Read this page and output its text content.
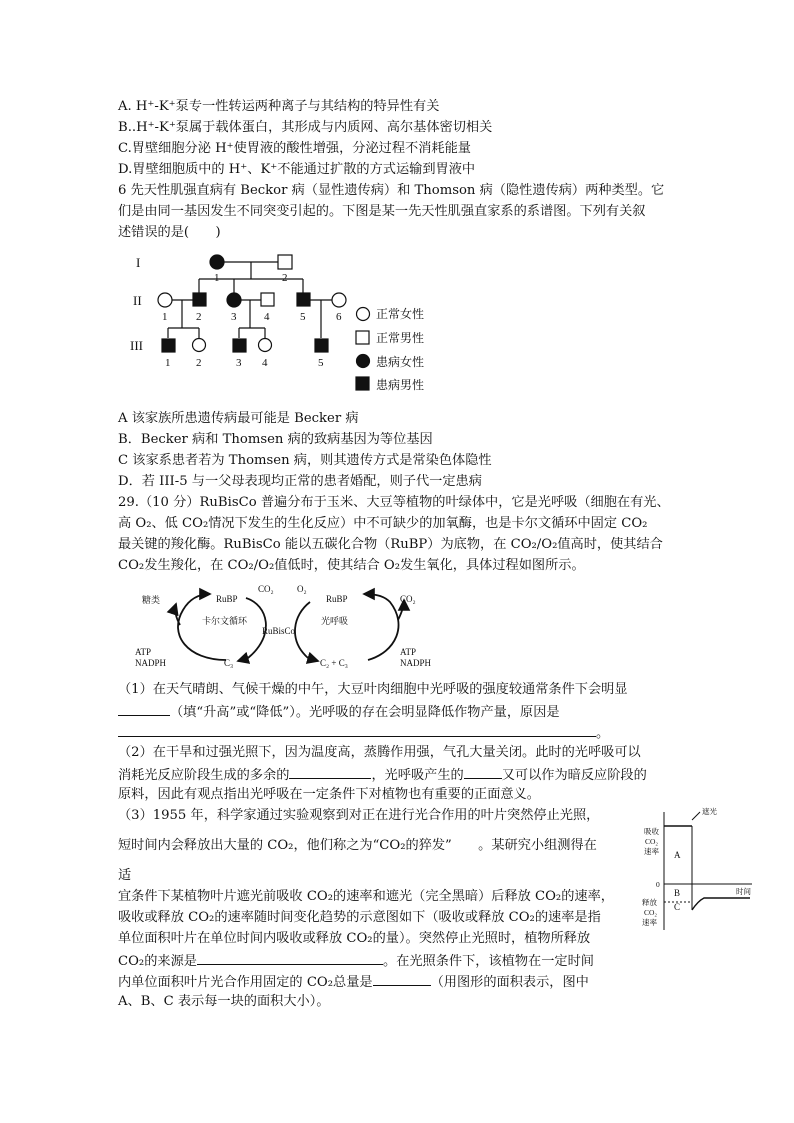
A. H⁺-K⁺泵专一性转运两种离子与其结构的特异性有关
B..H⁺-K⁺泵属于载体蛋白，其形成与内质网、高尔基体密切相关
C.胃壁细胞分泌 H⁺使胃液的酸性增强，分泌过程不消耗能量
D.胃壁细胞质中的 H⁺、K⁺不能通过扩散的方式运输到胃液中
6 先天性肌强直病有 Beckor 病（显性遗传病）和 Thomson 病（隐性遗传病）两种类型。它
们是由同一基因发生不同突变引起的。下图是某一先天性肌强直家系的系谱图。下列有关叙
述错误的是(　　)
I
II
III
1	2
1	2	3	4	5	6
1 2	3 4	5
正常女性
正常男性
患病女性
患病男性
A 该家族所患遗传病最可能是 Becker 病
B．Becker 病和 Thomsen 病的致病基因为等位基因
C 该家系患者若为 Thomsen 病，则其遗传方式是常染色体隐性
D．若 III-5 与一父母表现均正常的患者婚配，则子代一定患病
29.（10 分）RuBisCo 普遍分布于玉米、大豆等植物的叶绿体中，它是光呼吸（细胞在有光、
高 O₂、低 CO₂情况下发生的生化反应）中不可缺少的加氧酶，也是卡尔文循环中固定 CO₂
最关键的羧化酶。RuBisCo 能以五碳化合物（RuBP）为底物，在 CO₂/O₂值高时，使其结合
CO₂发生羧化，在 CO₂/O₂值低时，使其结合 O₂发生氧化，具体过程如图所示。
糖类	RuBP
CO₂	O₂
RuBP	CO₂
卡尔文循环
RuBisCo
光呼吸
ATP
NADPH	C₃	C₂ + C₃
ATP
NADPH
（1）在天气晴朗、气候干燥的中午，大豆叶肉细胞中光呼吸的强度较通常条件下会明显
（填“升高”或“降低”）。光呼吸的存在会明显降低作物产量，原因是
。
（2）在干旱和过强光照下，因为温度高，蒸腾作用强，气孔大量关闭。此时的光呼吸可以
消耗光反应阶段生成的多余的	，光呼吸产生的	又可以作为暗反应阶段的
原料，因此有观点指出光呼吸在一定条件下对植物也有重要的正面意义。
（3）1955 年，科学家通过实验观察到对正在进行光合作用的叶片突然停止光照，
短时间内会释放出大量的 CO₂，他们称之为“CO₂的猝发”　　。某研究小组测得在
适
宜条件下某植物叶片遮光前吸收 CO₂的速率和遮光（完全黑暗）后释放 CO₂的速率，
吸收或释放 CO₂的速率随时间变化趋势的示意图如下（吸收或释放 CO₂的速率是指
单位面积叶片在单位时间内吸收或释放 CO₂的量）。突然停止光照时，植物所释放
CO₂的来源是	。在光照条件下，该植物在一定时间
内单位面积叶片光合作用固定的 CO₂总量是	（用图形的面积表示，图中
A、B、C 表示每一块的面积大小）。
遮光
吸收
CO₂
速率
0
释放
CO₂
速率
时间
A
B
C
